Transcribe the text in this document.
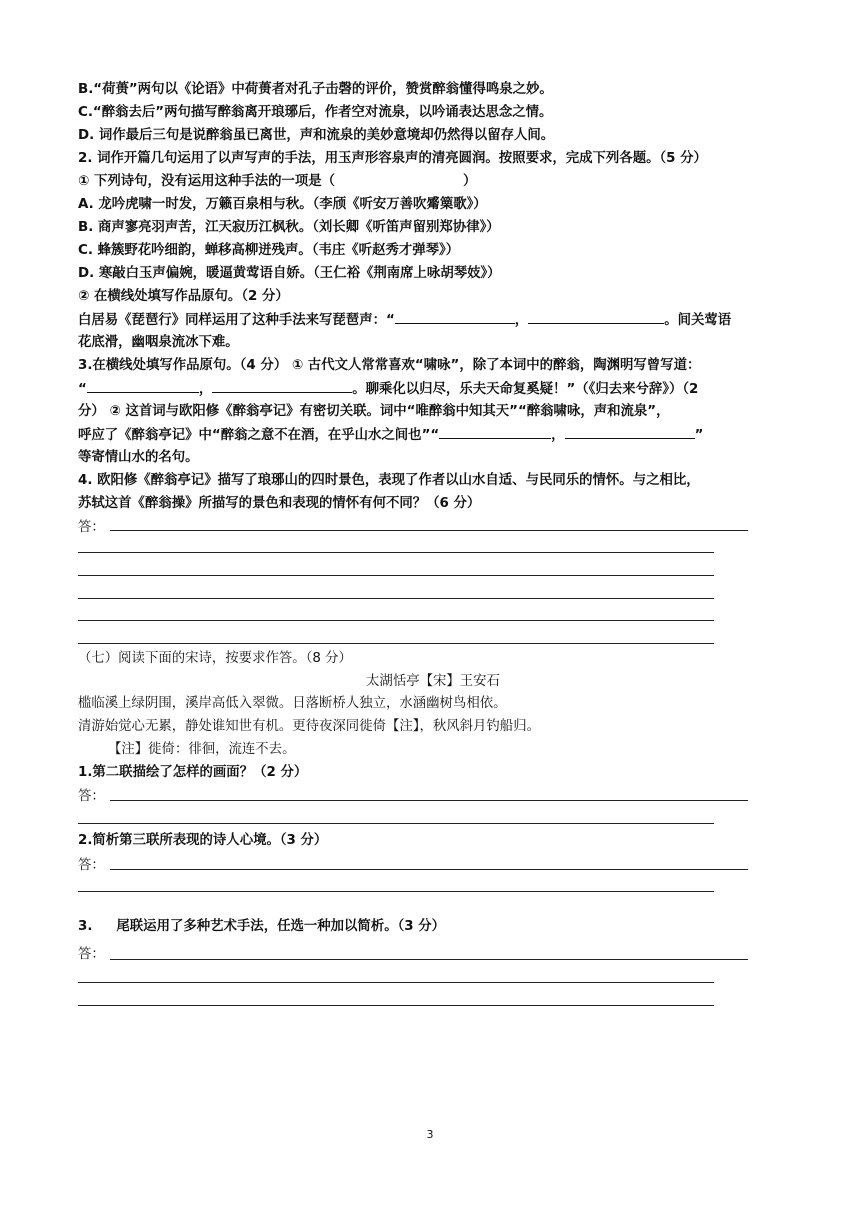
B.“荷蒉”两句以《论语》中荷蒉者对孔子击磬的评价，赞赏醉翁懂得鸣泉之妙。
C.“醉翁去后”两句描写醉翁离开琅琊后，作者空对流泉，以吟诵表达思念之情。
D. 词作最后三句是说醉翁虽已离世，声和流泉的美妙意境却仍然得以留存人间。
2. 词作开篇几句运用了以声写声的手法，用玉声形容泉声的清亮圆润。按照要求，完成下列各题。（5 分）
① 下列诗句，没有运用这种手法的一项是（	）
A. 龙吟虎啸一时发，万籁百泉相与秋。（李颀《听安万善吹觱篥歌》）
B. 商声寥亮羽声苦，江天寂历江枫秋。（刘长卿《听笛声留别郑协律》）
C. 蜂簇野花吟细韵，蝉移高柳迸残声。（韦庄《听赵秀才弹琴》）
D. 寒敲白玉声偏婉，暖逼黄莺语自娇。（王仁裕《荆南席上咏胡琴妓》）
② 在横线处填写作品原句。（2 分）
白居易《琵琶行》同样运用了这种手法来写琵琶声：“	，	。间关莺语
花底滑，幽咽泉流冰下难。
3.在横线处填写作品原句。（4 分） ① 古代文人常常喜欢“啸咏”，除了本词中的醉翁，陶渊明写曾写道：
“	，	。聊乘化以归尽，乐夫天命复奚疑！”（《归去来兮辞》）（2
分） ② 这首词与欧阳修《醉翁亭记》有密切关联。词中“唯醉翁中知其天”“醉翁啸咏，声和流泉”，
呼应了《醉翁亭记》中“醉翁之意不在酒，在乎山水之间也”“	，	”
等寄情山水的名句。
4. 欧阳修《醉翁亭记》描写了琅琊山的四时景色，表现了作者以山水自适、与民同乐的情怀。与之相比，
苏轼这首《醉翁操》所描写的景色和表现的情怀有何不同？（6 分）
答：
（七）阅读下面的宋诗，按要求作答。（8 分）
太湖恬亭【宋】王安石
槛临溪上绿阴围，溪岸高低入翠微。日落断桥人独立，水涵幽树鸟相依。
清游始觉心无累，静处谁知世有机。更待夜深同徙倚【注】，秋风斜月钓船归。
【注】徙倚：徘徊，流连不去。
1.第二联描绘了怎样的画面？（2 分）
答：
2.简析第三联所表现的诗人心境。（3 分）
答：
3. 尾联运用了多种艺术手法，任选一种加以简析。（3 分）
答：
3
